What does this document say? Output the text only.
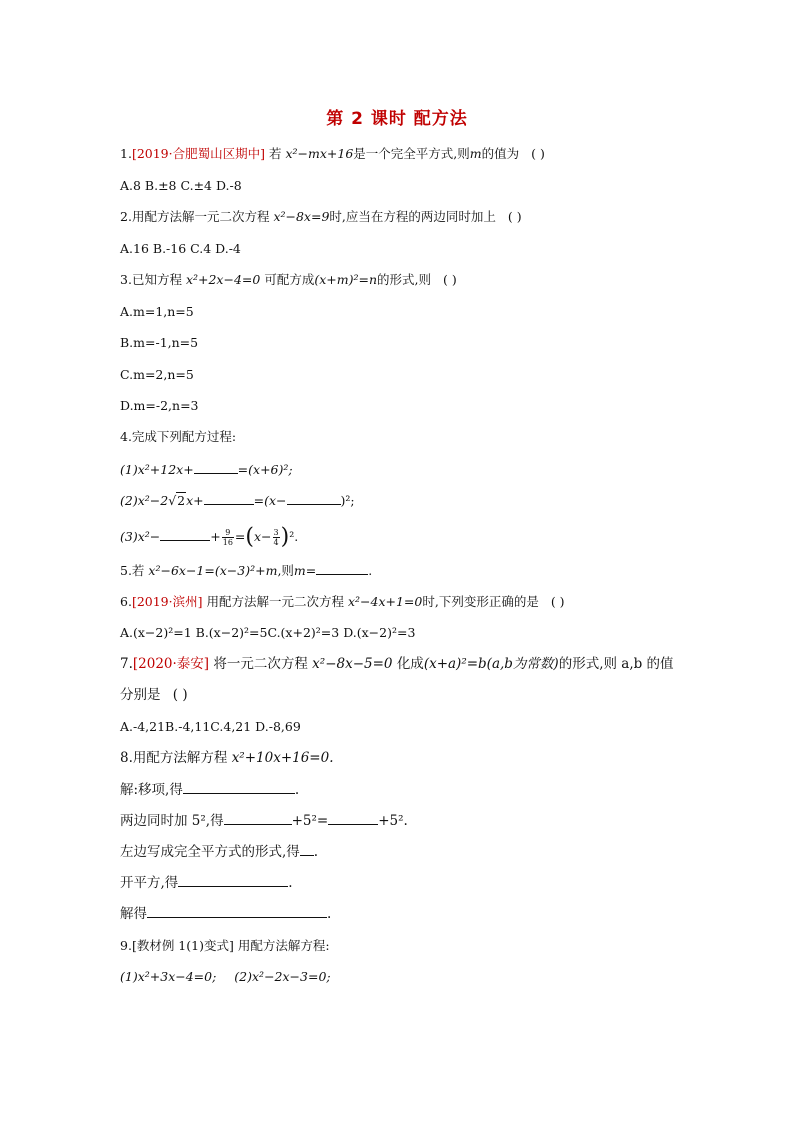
第 2 课时 配方法
1.[2019·合肥蜀山区期中] 若 x²−mx+16是一个完全平方式,则m的值为 ( )
A.8 B.±8 C.±4 D.-8
2.用配方法解一元二次方程 x²−8x=9时,应当在方程的两边同时加上 ( )
A.16 B.-16 C.4 D.-4
3.已知方程 x²+2x−4=0 可配方成(x+m)²=n的形式,则 ( )
A.m=1,n=5
B.m=-1,n=5
C.m=2,n=5
D.m=-2,n=3
4.完成下列配方过程:
(1)x²+12x+	=(x+6)²;
(2)x²−2√2x+	=(x−	)²;
(3)x²−	+ $\frac{9}{16} =(x- \frac{3}{4} )^2$.
5.若 x²−6x−1=(x−3)²+m,则m=	.
6.[2019·滨州] 用配方法解一元二次方程 x²−4x+1=0时,下列变形正确的是 ( )
A.(x−2)²=1 B.(x−2)²=5C.(x+2)²=3 D.(x−2)²=3
7.[2020·泰安] 将一元二次方程 x²−8x−5=0 化成(x+a)²=b(a,b为常数)的形式,则 a,b 的值
分别是 ( )
A.-4,21B.-4,11C.4,21 D.-8,69
8.用配方法解方程 x²+10x+16=0.
解:移项,得	.
两边同时加 5²,得	+5²=	+5².
左边写成完全平方式的形式,得 .
开平方,得	.
解得	.
9.[教材例 1(1)变式] 用配方法解方程:
(1)x²+3x−4=0; (2)x²−2x−3=0;
